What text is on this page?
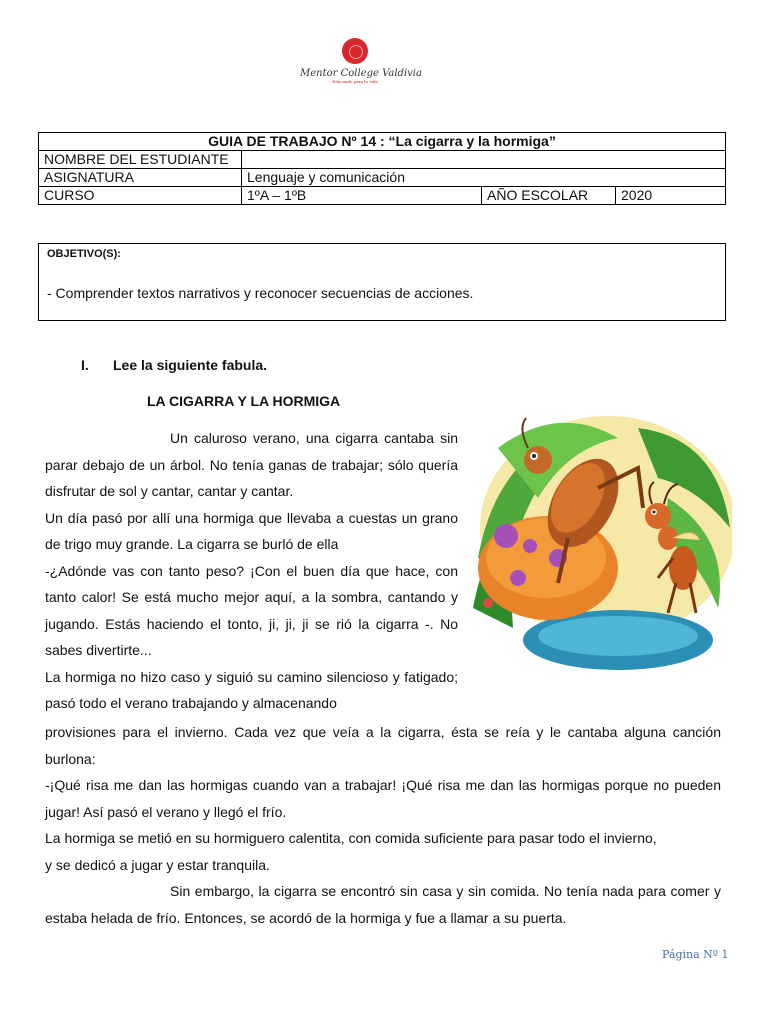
Mentor College Valdivia
Educando para la vida
GUIA DE TRABAJO Nº 14 : “La cigarra y la hormiga”			
NOMBRE DEL ESTUDIANTE			
ASIGNATURA	Lenguaje y comunicación		
CURSO	1ºA – 1ºB	AÑO ESCOLAR	2020
OBJETIVO(S):
- Comprender textos narrativos y reconocer secuencias de acciones.
I. Lee la siguiente fabula.
LA CIGARRA Y LA HORMIGA

Un caluroso verano, una cigarra cantaba sin parar debajo de un árbol. No tenía ganas de trabajar; sólo quería disfrutar de sol y cantar, cantar y cantar.

Un día pasó por allí una hormiga que llevaba a cuestas un grano de trigo muy grande. La cigarra se burló de ella

-¿Adónde vas con tanto peso? ¡Con el buen día que hace, con tanto calor! Se está mucho mejor aquí, a la sombra, cantando y jugando. Estás haciendo el tonto, ji, ji, ji se rió la cigarra -. No sabes divertirte...

La hormiga no hizo caso y siguió su camino silencioso y fatigado; pasó todo el verano trabajando y almacenando

provisiones para el invierno. Cada vez que veía a la cigarra, ésta se reía y le cantaba alguna canción burlona:

-¡Qué risa me dan las hormigas cuando van a trabajar! ¡Qué risa me dan las hormigas porque no pueden jugar! Así pasó el verano y llegó el frío.

La hormiga se metió en su hormiguero calentita, con comida suficiente para pasar todo el invierno,

y se dedicó a jugar y estar tranquila.

Sin embargo, la cigarra se encontró sin casa y sin comida. No tenía nada para comer y estaba helada de frío. Entonces, se acordó de la hormiga y fue a llamar a su puerta.

Página Nº 1
